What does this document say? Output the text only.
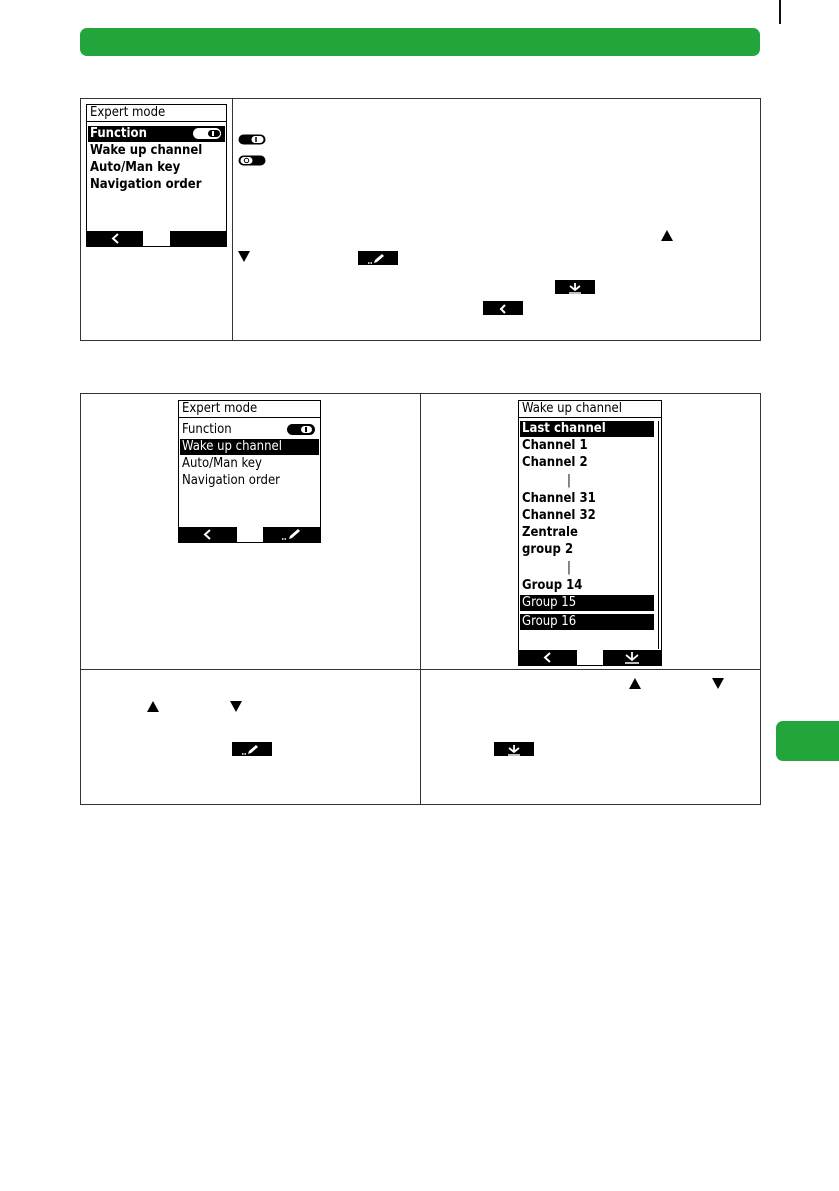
Expert mode
Function
Wake up channel
Auto/Man key
Navigation order
Expert mode
Function
Wake up channel
Auto/Man key
Navigation order
Wake up channel
Last channel
Channel 1
Channel 2
|
Channel 31
Channel 32
Zentrale
group 2
|
Group 14
Group 15
Group 16
